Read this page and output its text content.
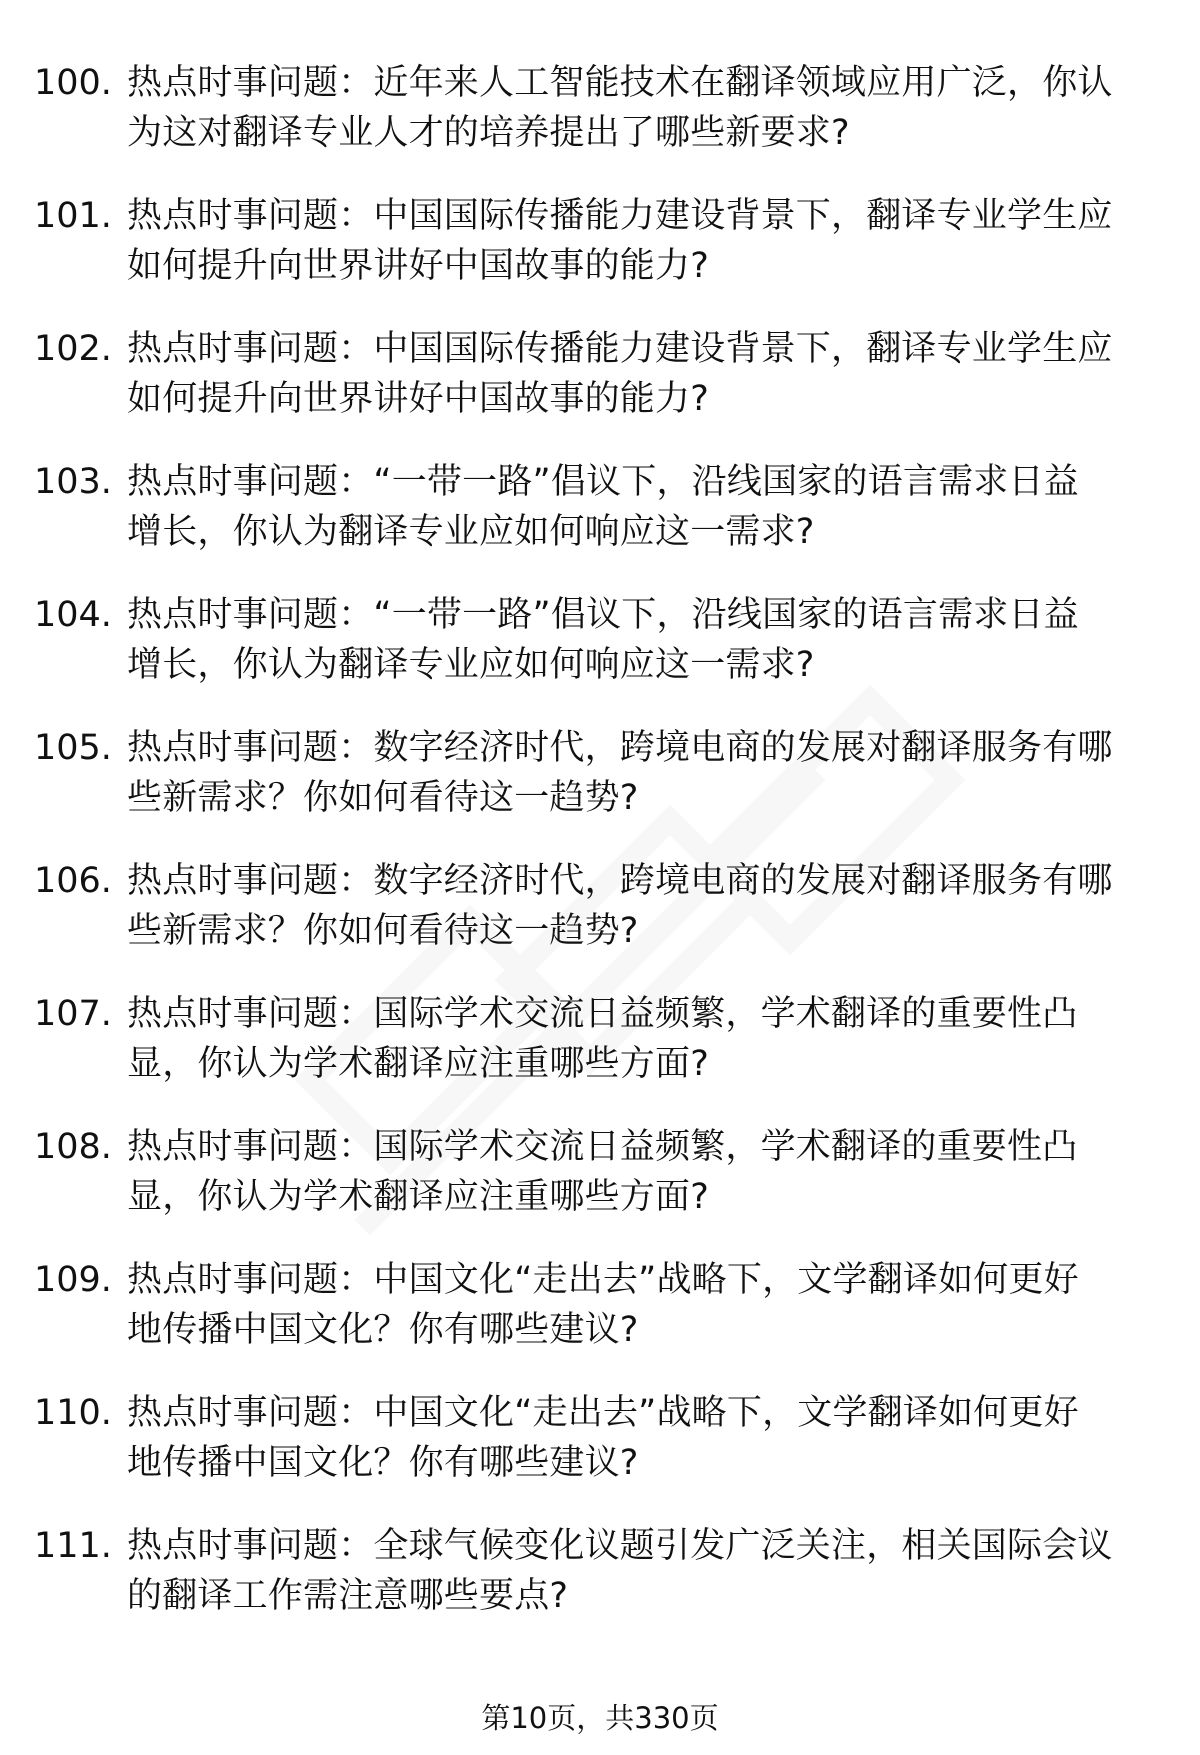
100. 热点时事问题：近年来人工智能技术在翻译领域应用广泛，你认
为这对翻译专业人才的培养提出了哪些新要求?
101. 热点时事问题：中国国际传播能力建设背景下，翻译专业学生应
如何提升向世界讲好中国故事的能力?
102. 热点时事问题：中国国际传播能力建设背景下，翻译专业学生应
如何提升向世界讲好中国故事的能力?
103. 热点时事问题：“一带一路”倡议下，沿线国家的语言需求日益
增长，你认为翻译专业应如何响应这一需求?
104. 热点时事问题：“一带一路”倡议下，沿线国家的语言需求日益
增长，你认为翻译专业应如何响应这一需求?
105. 热点时事问题：数字经济时代，跨境电商的发展对翻译服务有哪
些新需求？你如何看待这一趋势?
106. 热点时事问题：数字经济时代，跨境电商的发展对翻译服务有哪
些新需求？你如何看待这一趋势?
107. 热点时事问题：国际学术交流日益频繁，学术翻译的重要性凸
显，你认为学术翻译应注重哪些方面?
108. 热点时事问题：国际学术交流日益频繁，学术翻译的重要性凸
显，你认为学术翻译应注重哪些方面?
109. 热点时事问题：中国文化“走出去”战略下，文学翻译如何更好
地传播中国文化？你有哪些建议?
110. 热点时事问题：中国文化“走出去”战略下，文学翻译如何更好
地传播中国文化？你有哪些建议?
111. 热点时事问题：全球气候变化议题引发广泛关注，相关国际会议
的翻译工作需注意哪些要点?
第10页，共330页
